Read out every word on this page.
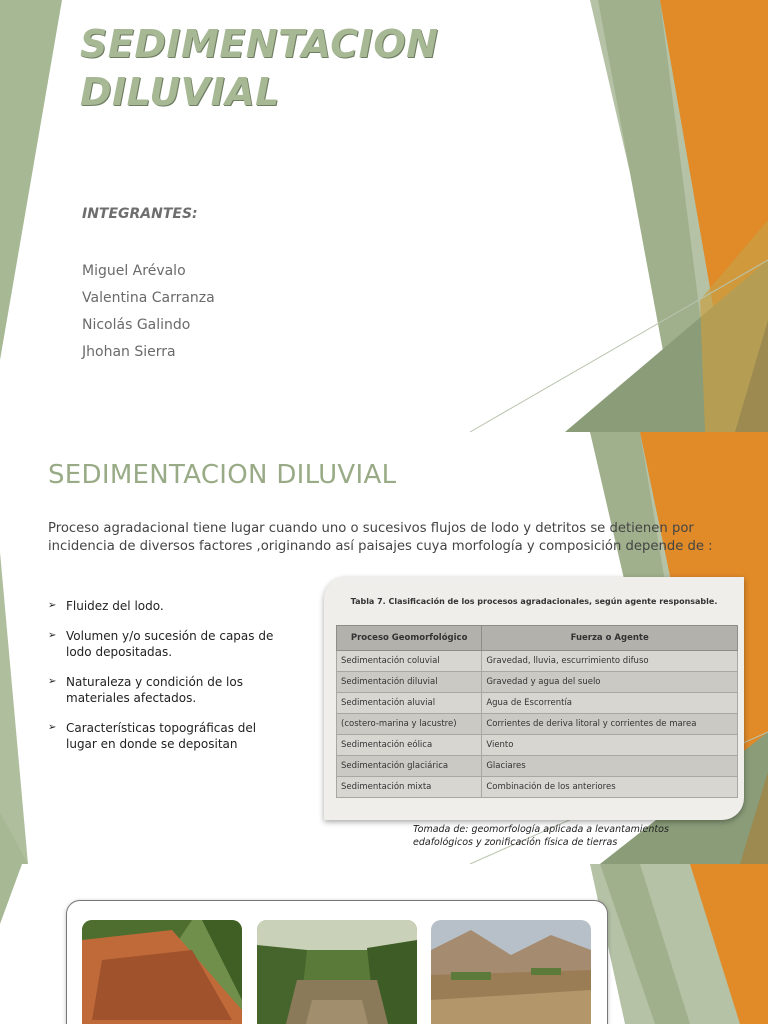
SEDIMENTACION
DILUVIAL
INTEGRANTES:
Miguel Arévalo
Valentina Carranza
Nicolás Galindo
Jhohan Sierra
SEDIMENTACION DILUVIAL

Proceso agradacional tiene lugar cuando uno o sucesivos flujos de lodo y detritos se detienen por incidencia de diversos factores ,originando así paisajes cuya morfología y composición depende de :

➢ Fluidez del lodo.
➢ Volumen y/o sucesión de capas de lodo depositadas.
➢ Naturaleza y condición de los materiales afectados.
➢ Características topográficas del lugar en donde se depositan
Tabla 7. Clasificación de los procesos agradacionales, según agente responsable.
Proceso Geomorfológico	Fuerza o Agente
Sedimentación coluvial	Gravedad, lluvia, escurrimiento difuso
Sedimentación diluvial	Gravedad y agua del suelo
Sedimentación aluvial	Agua de Escorrentía
(costero-marina y lacustre)	Corrientes de deriva litoral y corrientes de marea
Sedimentación eólica	Viento
Sedimentación glaciárica	Glaciares
Sedimentación mixta	Combinación de los anteriores
Tomada de: geomorfología aplicada a levantamientos edafológicos y zonificación física de tierras
